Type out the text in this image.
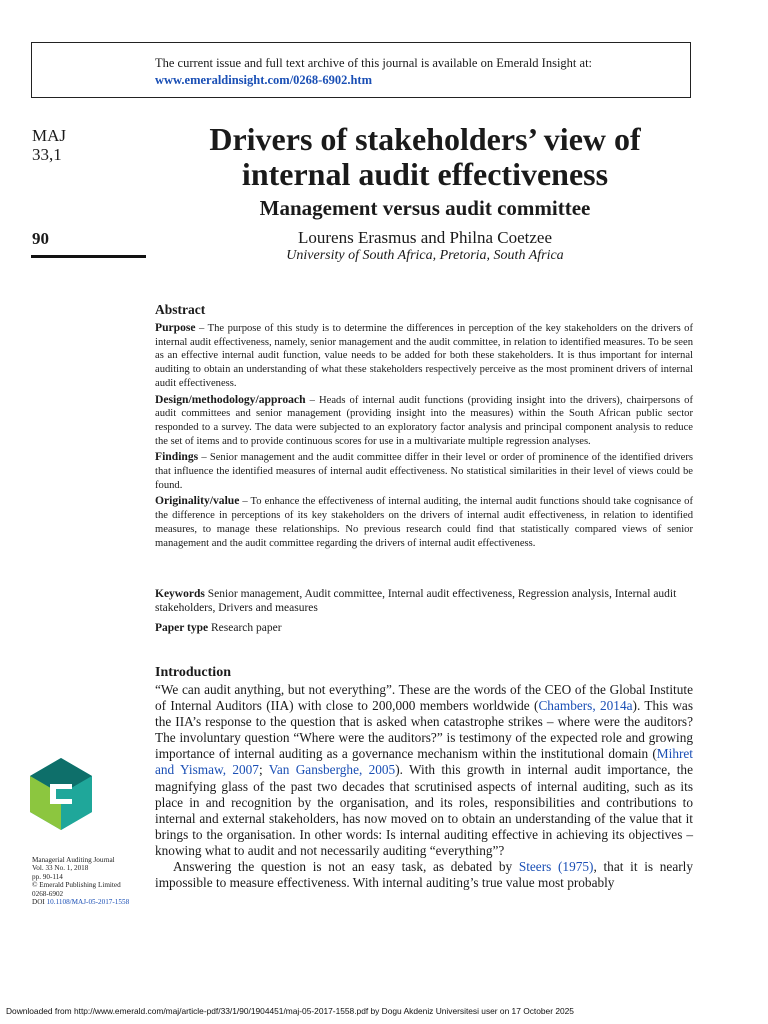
The current issue and full text archive of this journal is available on Emerald Insight at:
www.emeraldinsight.com/0268-6902.htm
MAJ
33,1
90
Drivers of stakeholders’ view of
internal audit effectiveness
Management versus audit committee
Lourens Erasmus and Philna Coetzee
University of South Africa, Pretoria, South Africa
Abstract

Purpose – The purpose of this study is to determine the differences in perception of the key stakeholders on the drivers of internal audit effectiveness, namely, senior management and the audit committee, in relation to identified measures. To be seen as an effective internal audit function, value needs to be added for both these stakeholders. It is thus important for internal auditing to obtain an understanding of what these stakeholders respectively perceive as the most prominent drivers of internal audit effectiveness.

Design/methodology/approach – Heads of internal audit functions (providing insight into the drivers), chairpersons of audit committees and senior management (providing insight into the measures) within the South African public sector responded to a survey. The data were subjected to an exploratory factor analysis and principal component analysis to reduce the set of items and to provide continuous scores for use in a multivariate multiple regression analyses.

Findings – Senior management and the audit committee differ in their level or order of prominence of the identified drivers that influence the identified measures of internal audit effectiveness. No statistical similarities in their level of views could be found.

Originality/value – To enhance the effectiveness of internal auditing, the internal audit functions should take cognisance of the difference in perceptions of its key stakeholders on the drivers of internal audit effectiveness, in relation to identified measures, to manage these relationships. No previous research could find that statistically compared views of senior management and the audit committee regarding the drivers of internal audit effectiveness.

Keywords Senior management, Audit committee, Internal audit effectiveness, Regression analysis, Internal audit stakeholders, Drivers and measures
Paper type Research paper
Introduction

“We can audit anything, but not everything”. These are the words of the CEO of the Global Institute of Internal Auditors (IIA) with close to 200,000 members worldwide (Chambers, 2014a). This was the IIA’s response to the question that is asked when catastrophe strikes – where were the auditors? The involuntary question “Where were the auditors?” is testimony of the expected role and growing importance of internal auditing as a governance mechanism within the institutional domain (Mihret and Yismaw, 2007; Van Gansberghe, 2005). With this growth in internal audit importance, the magnifying glass of the past two decades that scrutinised aspects of internal auditing, such as its place in and recognition by the organisation, and its roles, responsibilities and contributions to internal and external stakeholders, has now moved on to obtain an understanding of the value that it brings to the organisation. In other words: Is internal auditing effective in achieving its objectives – knowing what to audit and not necessarily auditing “everything”?

Answering the question is not an easy task, as debated by Steers (1975), that it is nearly impossible to measure effectiveness. With internal auditing’s true value most probably

Managerial Auditing Journal
Vol. 33 No. 1, 2018
pp. 90-114
© Emerald Publishing Limited
0268-6902
DOI 10.1108/MAJ-05-2017-1558
Downloaded from http://www.emerald.com/maj/article-pdf/33/1/90/1904451/maj-05-2017-1558.pdf by Dogu Akdeniz Universitesi user on 17 October 2025
